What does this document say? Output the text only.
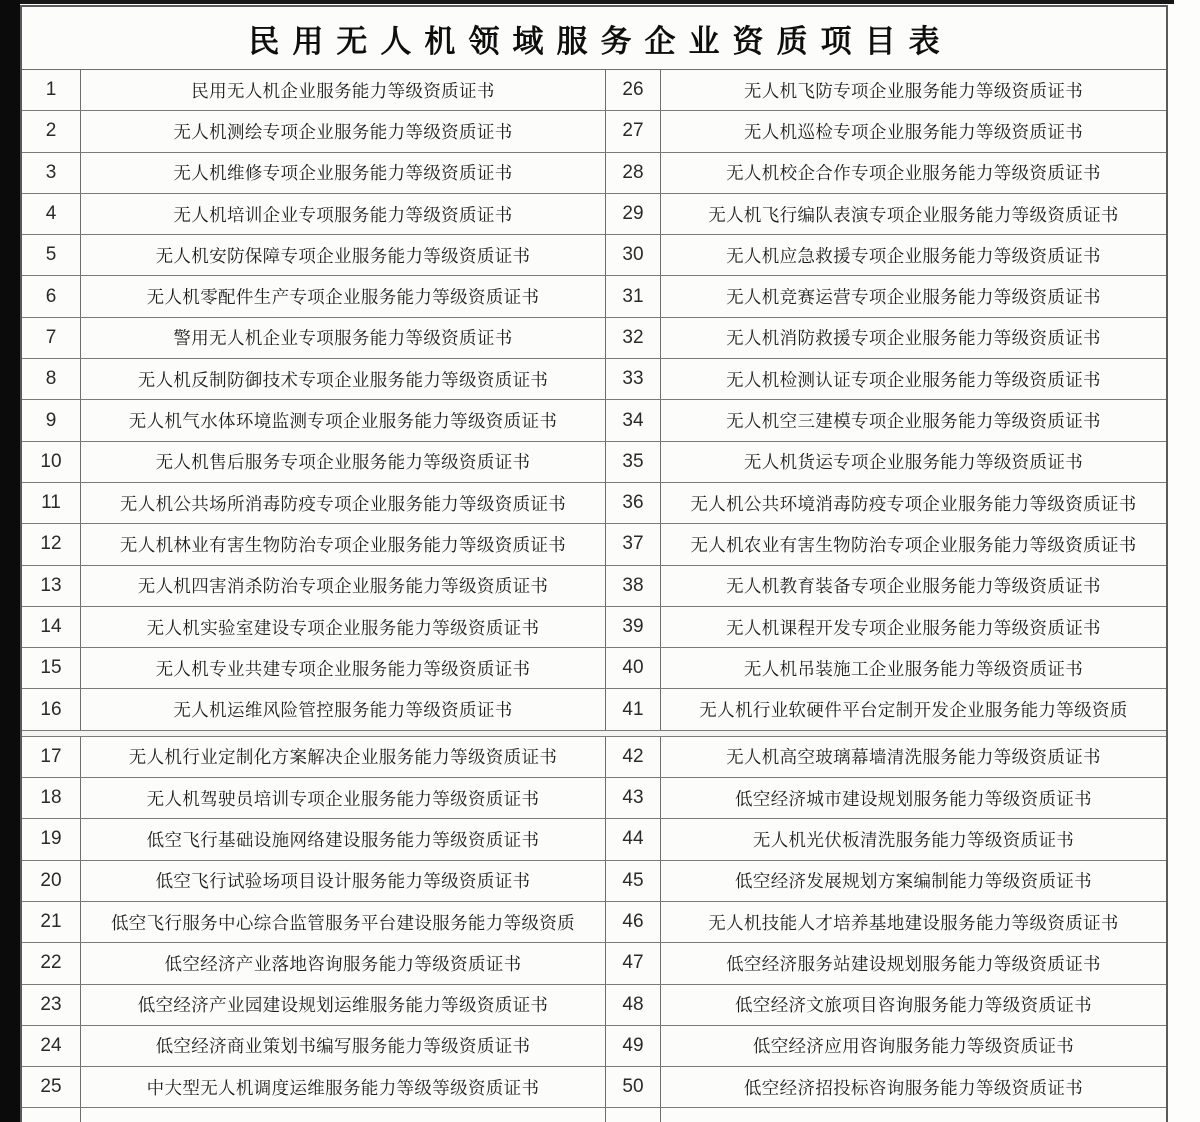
民用无人机领域服务企业资质项目表
1	民用无人机企业服务能力等级资质证书	26	无人机飞防专项企业服务能力等级资质证书
2	无人机测绘专项企业服务能力等级资质证书	27	无人机巡检专项企业服务能力等级资质证书
3	无人机维修专项企业服务能力等级资质证书	28	无人机校企合作专项企业服务能力等级资质证书
4	无人机培训企业专项服务能力等级资质证书	29	无人机飞行编队表演专项企业服务能力等级资质证书
5	无人机安防保障专项企业服务能力等级资质证书	30	无人机应急救援专项企业服务能力等级资质证书
6	无人机零配件生产专项企业服务能力等级资质证书	31	无人机竞赛运营专项企业服务能力等级资质证书
7	警用无人机企业专项服务能力等级资质证书	32	无人机消防救援专项企业服务能力等级资质证书
8	无人机反制防御技术专项企业服务能力等级资质证书	33	无人机检测认证专项企业服务能力等级资质证书
9	无人机气水体环境监测专项企业服务能力等级资质证书	34	无人机空三建模专项企业服务能力等级资质证书
10	无人机售后服务专项企业服务能力等级资质证书	35	无人机货运专项企业服务能力等级资质证书
11	无人机公共场所消毒防疫专项企业服务能力等级资质证书	36	无人机公共环境消毒防疫专项企业服务能力等级资质证书
12	无人机林业有害生物防治专项企业服务能力等级资质证书	37	无人机农业有害生物防治专项企业服务能力等级资质证书
13	无人机四害消杀防治专项企业服务能力等级资质证书	38	无人机教育装备专项企业服务能力等级资质证书
14	无人机实验室建设专项企业服务能力等级资质证书	39	无人机课程开发专项企业服务能力等级资质证书
15	无人机专业共建专项企业服务能力等级资质证书	40	无人机吊装施工企业服务能力等级资质证书
16	无人机运维风险管控服务能力等级资质证书	41	无人机行业软硬件平台定制开发企业服务能力等级资质
17	无人机行业定制化方案解决企业服务能力等级资质证书	42	无人机高空玻璃幕墙清洗服务能力等级资质证书
18	无人机驾驶员培训专项企业服务能力等级资质证书	43	低空经济城市建设规划服务能力等级资质证书
19	低空飞行基础设施网络建设服务能力等级资质证书	44	无人机光伏板清洗服务能力等级资质证书
20	低空飞行试验场项目设计服务能力等级资质证书	45	低空经济发展规划方案编制能力等级资质证书
21	低空飞行服务中心综合监管服务平台建设服务能力等级资质 46	无人机技能人才培养基地建设服务能力等级资质证书
22	低空经济产业落地咨询服务能力等级资质证书	47	低空经济服务站建设规划服务能力等级资质证书
23	低空经济产业园建设规划运维服务能力等级资质证书	48	低空经济文旅项目咨询服务能力等级资质证书
24	低空经济商业策划书编写服务能力等级资质证书	49	低空经济应用咨询服务能力等级资质证书
25	中大型无人机调度运维服务能力等级等级资质证书	50	低空经济招投标咨询服务能力等级资质证书
